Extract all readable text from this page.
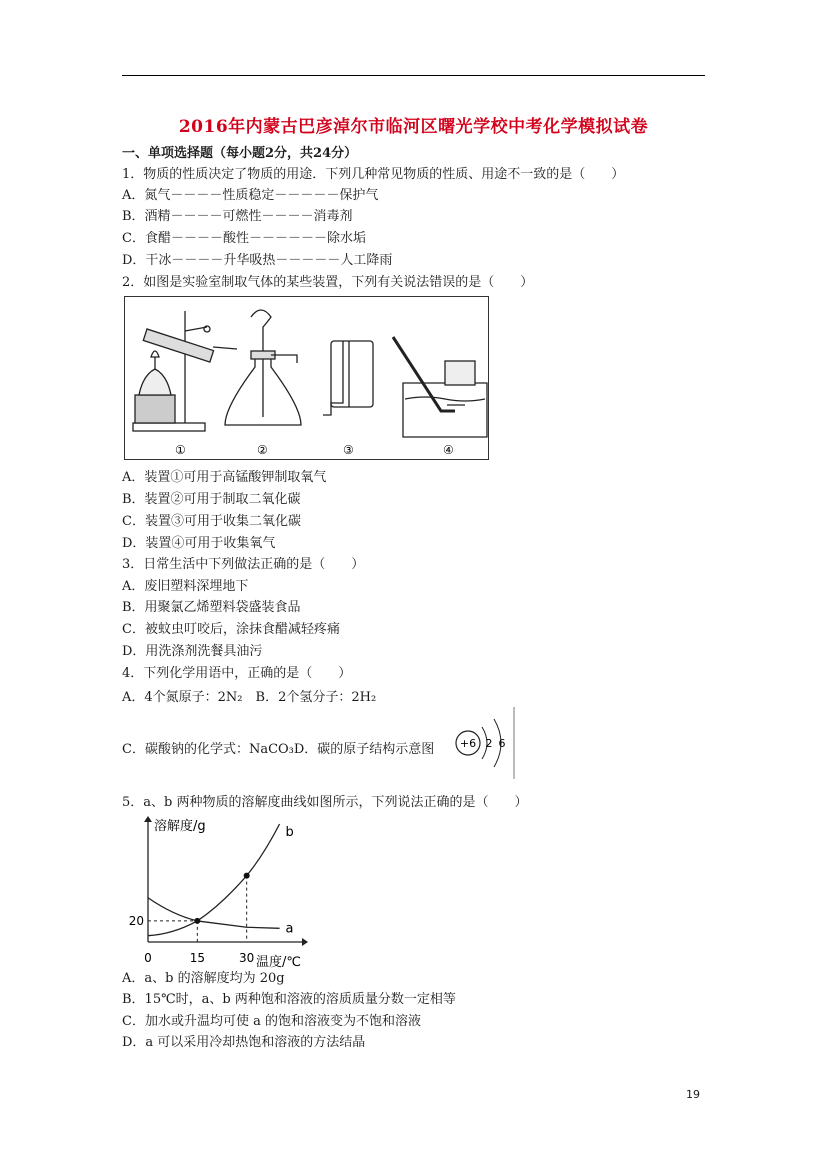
2016年内蒙古巴彦淖尔市临河区曙光学校中考化学模拟试卷
一、单项选择题（每小题2分，共24分）
1．物质的性质决定了物质的用途．下列几种常见物质的性质、用途不一致的是（　　）
A．氮气－－－－性质稳定－－－－－保护气
B．酒精－－－－可燃性－－－－消毒剂
C．食醋－－－－酸性－－－－－－除水垢
D．干冰－－－－升华吸热－－－－－人工降雨
2．如图是实验室制取气体的某些装置，下列有关说法错误的是（　　）
①	②	③	④
A．装置①可用于高锰酸钾制取氧气
B．装置②可用于制取二氧化碳
C．装置③可用于收集二氧化碳
D．装置④可用于收集氧气
3．日常生活中下列做法正确的是（　　）
A．废旧塑料深埋地下
B．用聚氯乙烯塑料袋盛装食品
C．被蚊虫叮咬后，涂抹食醋减轻疼痛
D．用洗涤剂洗餐具油污
4．下列化学用语中，正确的是（　　）
A．4个氮原子：2N₂　B．2个氢分子：2H₂
C．碳酸钠的化学式：NaCO₃D．碳的原子结构示意图 +6 2 6
5．a、b 两种物质的溶解度曲线如图所示，下列说法正确的是（　　）
溶解度/g
温度/℃
0	15	30
20
a
b
A．a、b 的溶解度均为 20g
B．15℃时，a、b 两种饱和溶液的溶质质量分数一定相等
C．加水或升温均可使 a 的饱和溶液变为不饱和溶液
D．a 可以采用冷却热饱和溶液的方法结晶
19
